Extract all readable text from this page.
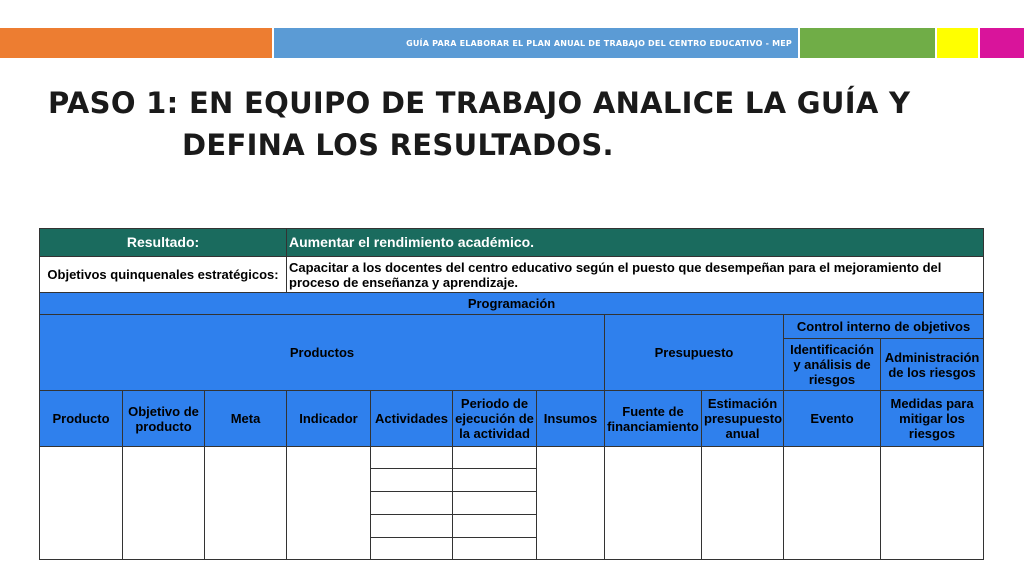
GUÍA PARA ELABORAR EL PLAN ANUAL DE TRABAJO DEL CENTRO EDUCATIVO - MEP
PASO 1: EN EQUIPO DE TRABAJO ANALICE LA GUÍA Y
DEFINA LOS RESULTADOS.
Resultado:			Aumentar el rendimiento académico.							
Objetivos quinquenales estratégicos:			Capacitar a los docentes del centro educativo según el puesto que desempeñan para el mejoramiento del proceso de enseñanza y aprendizaje.							
Programación										
Productos							Presupuesto		Control interno de objetivos	
									Identificación y análisis de riesgos	Administración de los riesgos
Producto	Objetivo de producto	Meta	Indicador	Actividades	Periodo de ejecución de la actividad	Insumos	Fuente de financiamiento	Estimación presupuesto anual	Evento	Medidas para mitigar los riesgos
